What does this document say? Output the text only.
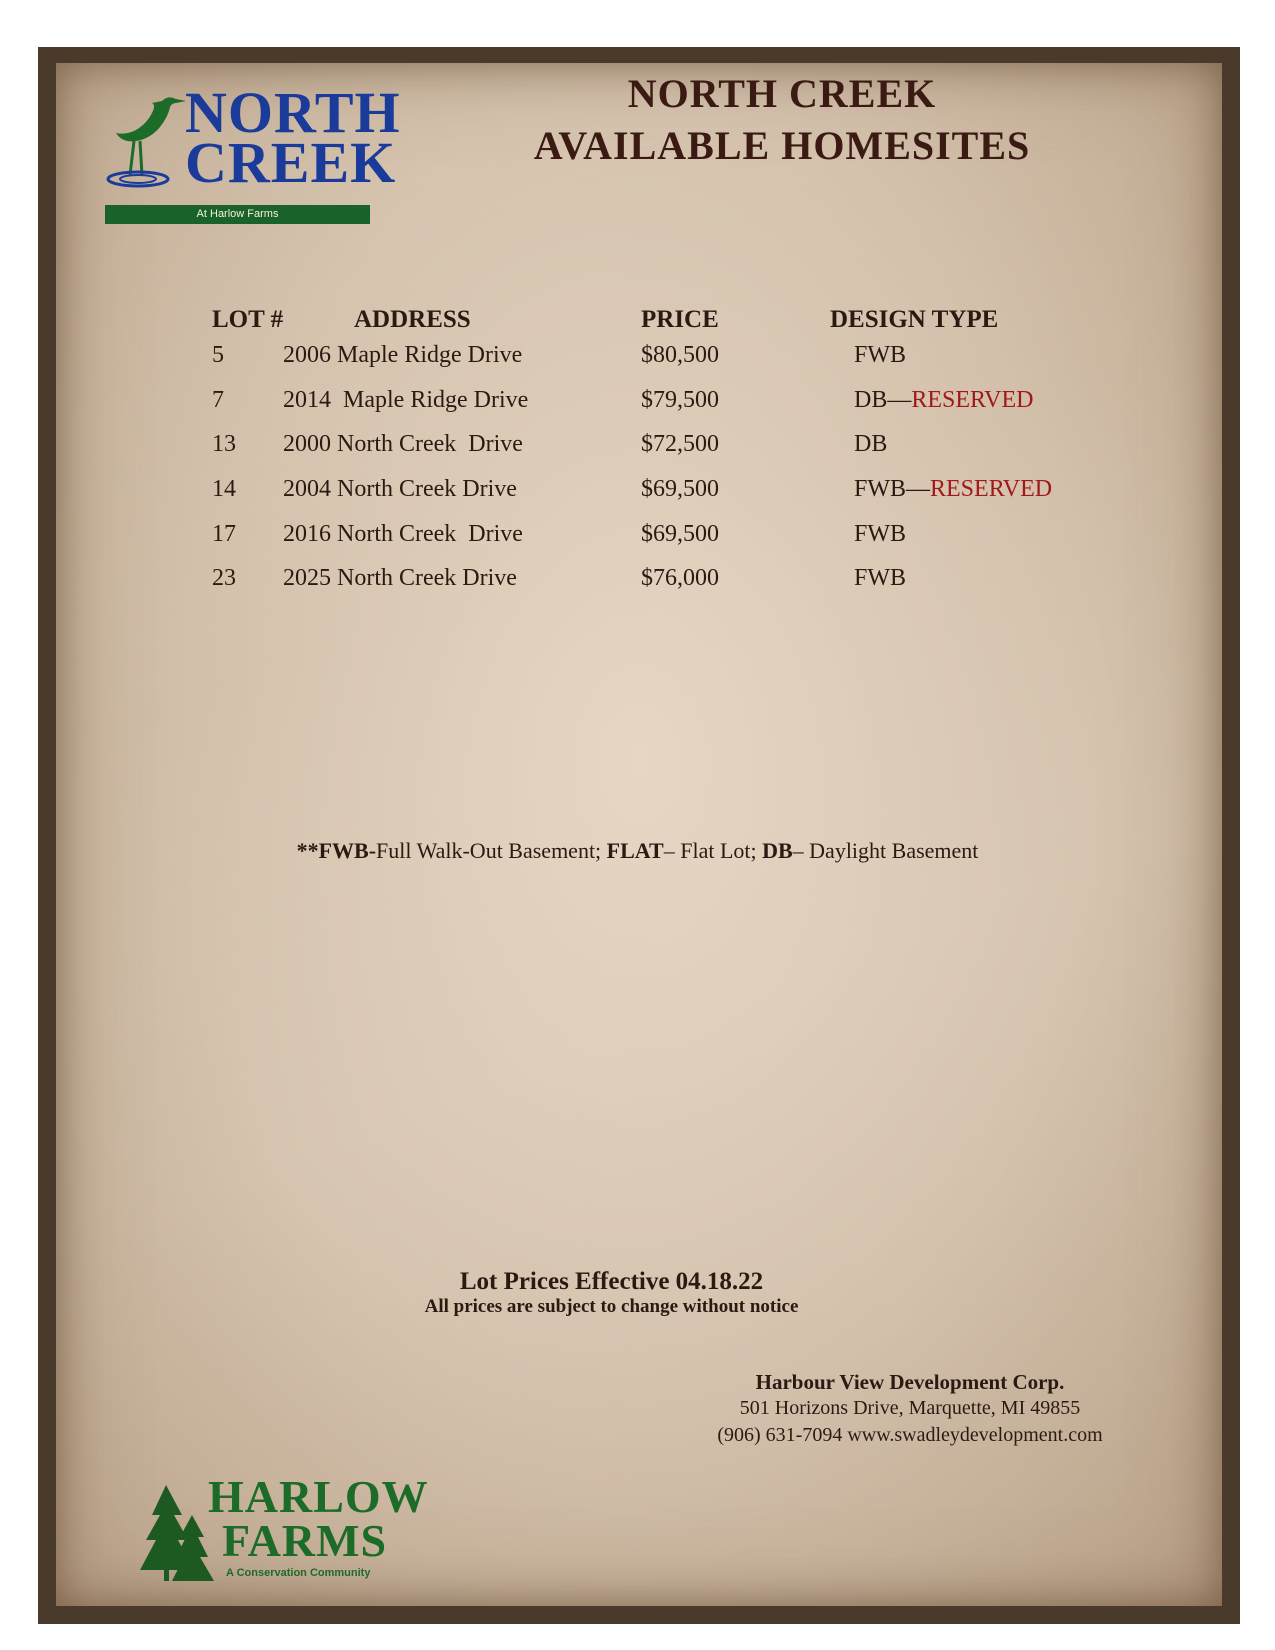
NORTH
CREEK
At Harlow Farms
NORTH CREEK
AVAILABLE HOMESITES
LOT #	ADDRESS	PRICE	DESIGN TYPE
5 2006 Maple Ridge Drive	$80,500	FWB
7 2014  Maple Ridge Drive	$79,500	DB—RESERVED
13 2000 North Creek  Drive	$72,500	DB
14 2004 North Creek Drive	$69,500	FWB—RESERVED
17 2016 North Creek  Drive	$69,500	FWB
23 2025 North Creek Drive	$76,000	FWB
**FWB-Full Walk-Out Basement; FLAT– Flat Lot; DB– Daylight Basement
Lot Prices Effective 04.18.22
All prices are subject to change without notice
Harbour View Development Corp.
501 Horizons Drive, Marquette, MI 49855
(906) 631-7094 www.swadleydevelopment.com
HARLOW
FARMS
A Conservation Community
